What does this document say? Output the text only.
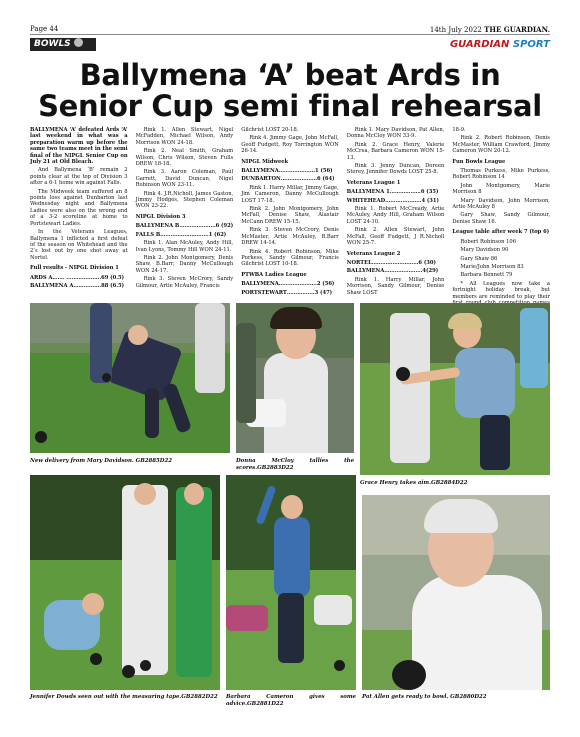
Page 44	14th July 2022 THE GUARDIAN.
BOWLS	GUARDIAN SPORT
Ballymena ‘A’ beat Ards in Senior Cup semi final rehearsal

BALLYMENA ‘A’ defeated Ards ‘A’ last weekend in what was a preparation warm up before the same two teams meet in the semi final of the NIPGL Senior Cup on July 21 at Old Bleach.

And Ballymena ‘B’ remain 2 points clear at the top of Division 3 after a 6-1 home win against Falls.

The Midweek team suffered an 8 points loss against Dunbarton last Wednesday night and Ballymena Ladies were also on the wrong end of a 3-2 scoreline at home to Portstewart Ladies.

In the Veterans Leagues, Ballymena 1 inflicted a first defeat of the season on Whitehead and the 2’s lost out by one shot away at Nortel.

Full results - NIPGL Division 1

ARDS A……. ………………..69 (0.5)

BALLYMENA A…………….88 (6.5)

Rink 1. Allen Stewart, Nigel McFadden, Michael Wilson, Andy Morrison WON 24-18.

Rink 2. Neal Smith, Graham Wilson, Chris Wilson, Steven Fulls DREW 18-18.

Rink 3. Aaron Coleman, Paul Garrett, David Duncan, Nigel Robinson WON 23-11.

Rink 4. J.R.Nicholl, James Gaston, Jimmy Hodges, Stephen Coleman WON 23-22.

NIPGL Division 3

BALLYMENA B…………………6 (92)

FALLS B……………………….1 (62)

Rink 1. Alan McAuley, Andy Hill, Ivan Lyons, Tommy Hill WON 24-11.

Rink 2. John Montgomery, Denis Shaw, B.Barr, Danny McCullough WON 24-17.

Rink 3. Steven McCrory, Sandy Gilmour, Artie McAuley, Francis

Gilchrist LOST 20-18.

Rink 4. Jimmy Gage, John McFall, Geoff Fudgett, Roy Torrington WON 26-14.

NIPGL Midweek

BALLYMENA…………………1 (56)

DUNBARTON…………………6 (64)

Rink 1. Harry Millar, Jimmy Gage, Jim Cameron, Danny McCullough LOST 17-18.

Rink 2. John Montgomery, John McFall, Denise Shaw, Alastair McCann DREW 15-15.

Rink 3. Steven McCrory, Denis McMaster, Artie McAuley, B.Barr DREW 14-14.

Rink 4. Robert Robinson, Mike Purkess, Sandy Gilmour, Francis Gilchrist LOST 10-18.

PTWBA Ladies League

BALLYMENA………………….2 (56)

PORTSTEWART…………….3 (47)

Rink 1. Mary Davidson, Pat Allen, Donna McCloy WON 33-9.

Rink 2. Grace Henry, Valerie McCrea, Barbara Cameron WON 15-13.

Rink 3. Jenny Duncan, Doreen Storey, Jennifer Dowds LOST 25-8.

Veterans League 1

BALLYMENA 1………………6 (35)

WHITEHEAD…………………4 (31)

Rink 1. Robert McCready, Artie McAuley, Andy Hill, Graham Wilson LOST 24-10.

Rink 2. Allen Stewart, John McFall, Geoff Fudgett, J R.Nicholl WON 25-7.

Veterans League 2

NORTEL………………………6 (30)

BALLYMENA………………….4(29)

Rink 1. Harry Millar, John Morrison, Sandy Gilmour, Denise Shaw LOST

18-9.

Rink 2. Robert Robinson, Denis McMaster, William Crawford, Jimmy Cameron WON 20-12.

Fun Bowls League

Thomas Purkess, Mike Purkess, Robert Robinson 14

John Montgomery, Marie Morrison 8

Mary Davidson, John Morrison, Artie McAuley 8

Gary Shaw, Sandy Gilmour, Denise Shaw 16.

League table after week 7 (top 6)

Robert Robinson 106

Mary Davidson 90

Gary Shaw 86

Marie/John Morrison 83

Barbara Bennett 79

* All Leagues now take a fortnight holiday break, but members are reminded to play their

New delivery from Mary Davidson. GB2885D22	Donna McCloy tallies the scores.GB2883D22
Grace Henry takes aim.GB2884D22
Jennifer Dowds seen out with the measuring tape.GB2882D22	Barbara Cameron gives some advice.GB2881D22
Pat Allen gets ready to bowl. GB2880D22
